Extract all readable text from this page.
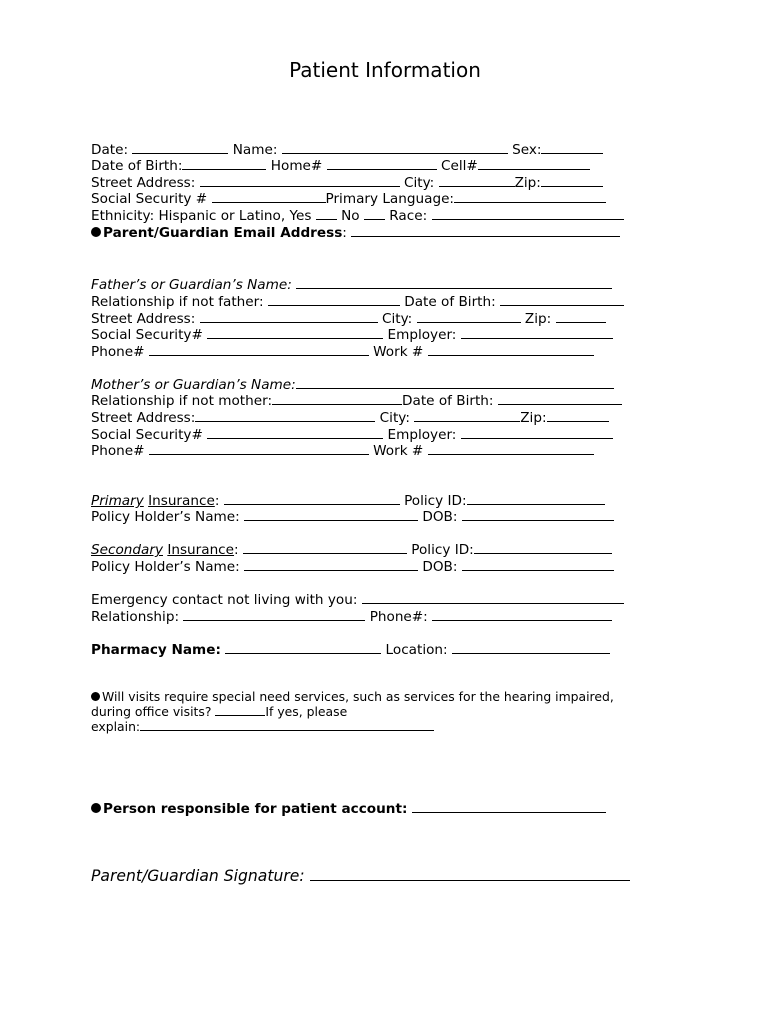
Patient Information
Date:	Name:	Sex:
Date of Birth:	Home#	Cell#
Street Address:	City:	Zip:
Social Security #	Primary Language:
Ethnicity: Hispanic or Latino, Yes No Race:
Parent/Guardian Email Address:
Father’s or Guardian’s Name:
Relationship if not father:	Date of Birth:
Street Address:	City:	Zip:
Social Security#	Employer:
Phone#	Work #
Mother’s or Guardian’s Name:
Relationship if not mother:	Date of Birth:
Street Address:	City:	Zip:
Social Security#	Employer:
Phone#	Work #
Primary Insurance:	Policy ID:
Policy Holder’s Name:	DOB:
Secondary Insurance:	Policy ID:
Policy Holder’s Name:	DOB:
Emergency contact not living with you:
Relationship:	Phone#:
Pharmacy Name:	Location:
Will visits require special need services, such as services for the hearing impaired,
during office visits?	If yes, please
explain:
Person responsible for patient account:
Parent/Guardian Signature:
